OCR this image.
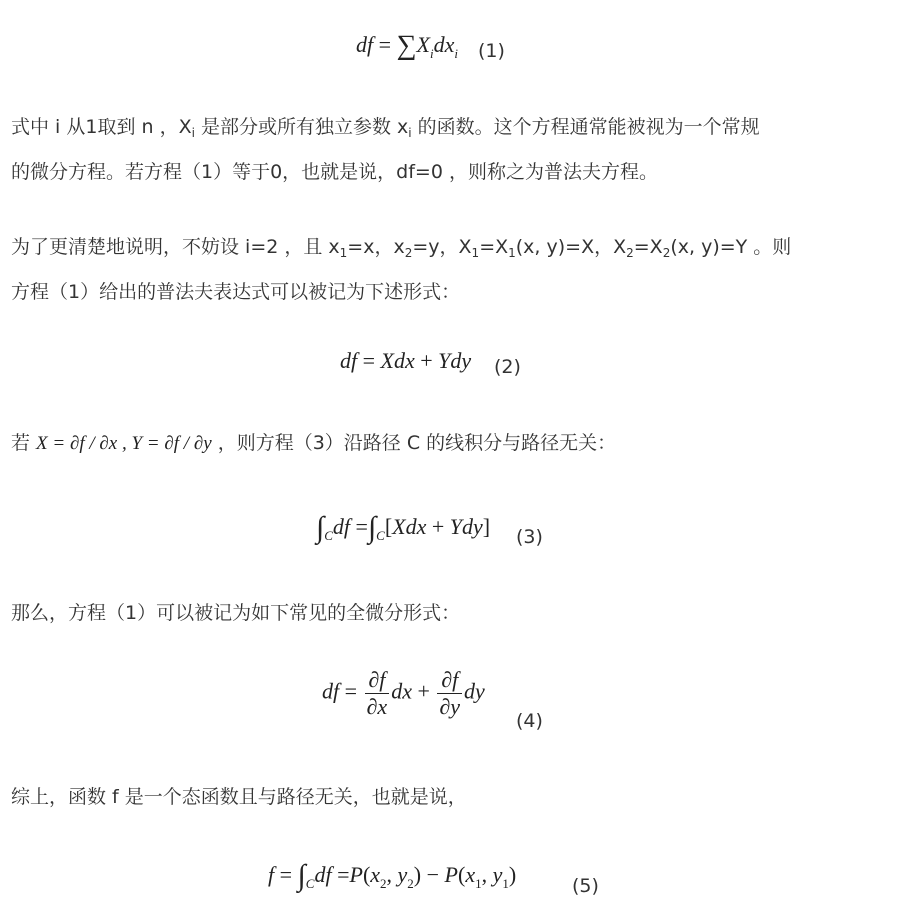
df = $\sum X_idx_i$ (1)
式中 i 从1取到 n ，$X_i$ 是部分或所有独立参数 $x_i$ 的函数。这个方程通常能被视为一个常规
的微分方程。若方程（1）等于0，也就是说，df=0 ，则称之为普法夫方程。
为了更清楚地说明，不妨设 i=2 ，且 $x_1=x$，$x_2=y$，$X_1=X_1(x$, y)=X，$X_2=X_2(x$, y)=Y 。则
方程（1）给出的普法夫表达式可以被记为下述形式：
df = Xdx + Ydy (2)
若 X = ∂f / ∂x , Y = ∂f / ∂y ，则方程（3）沿路径 C 的线积分与路径无关：
$\int_Cdf =\int_C[Xdx + Ydy]$ (3)
那么，方程（1）可以被记为如下常见的全微分形式：
df = $\frac{\partial f}{\partial x}$ dx + $\frac{\partial f}{\partial y}$ dy
(4)
综上，函数 f 是一个态函数且与路径无关，也就是说，
$f = \int_Cdf =P(x_2$, $y_2) - P(x_1$, $y_1$)	(5)
